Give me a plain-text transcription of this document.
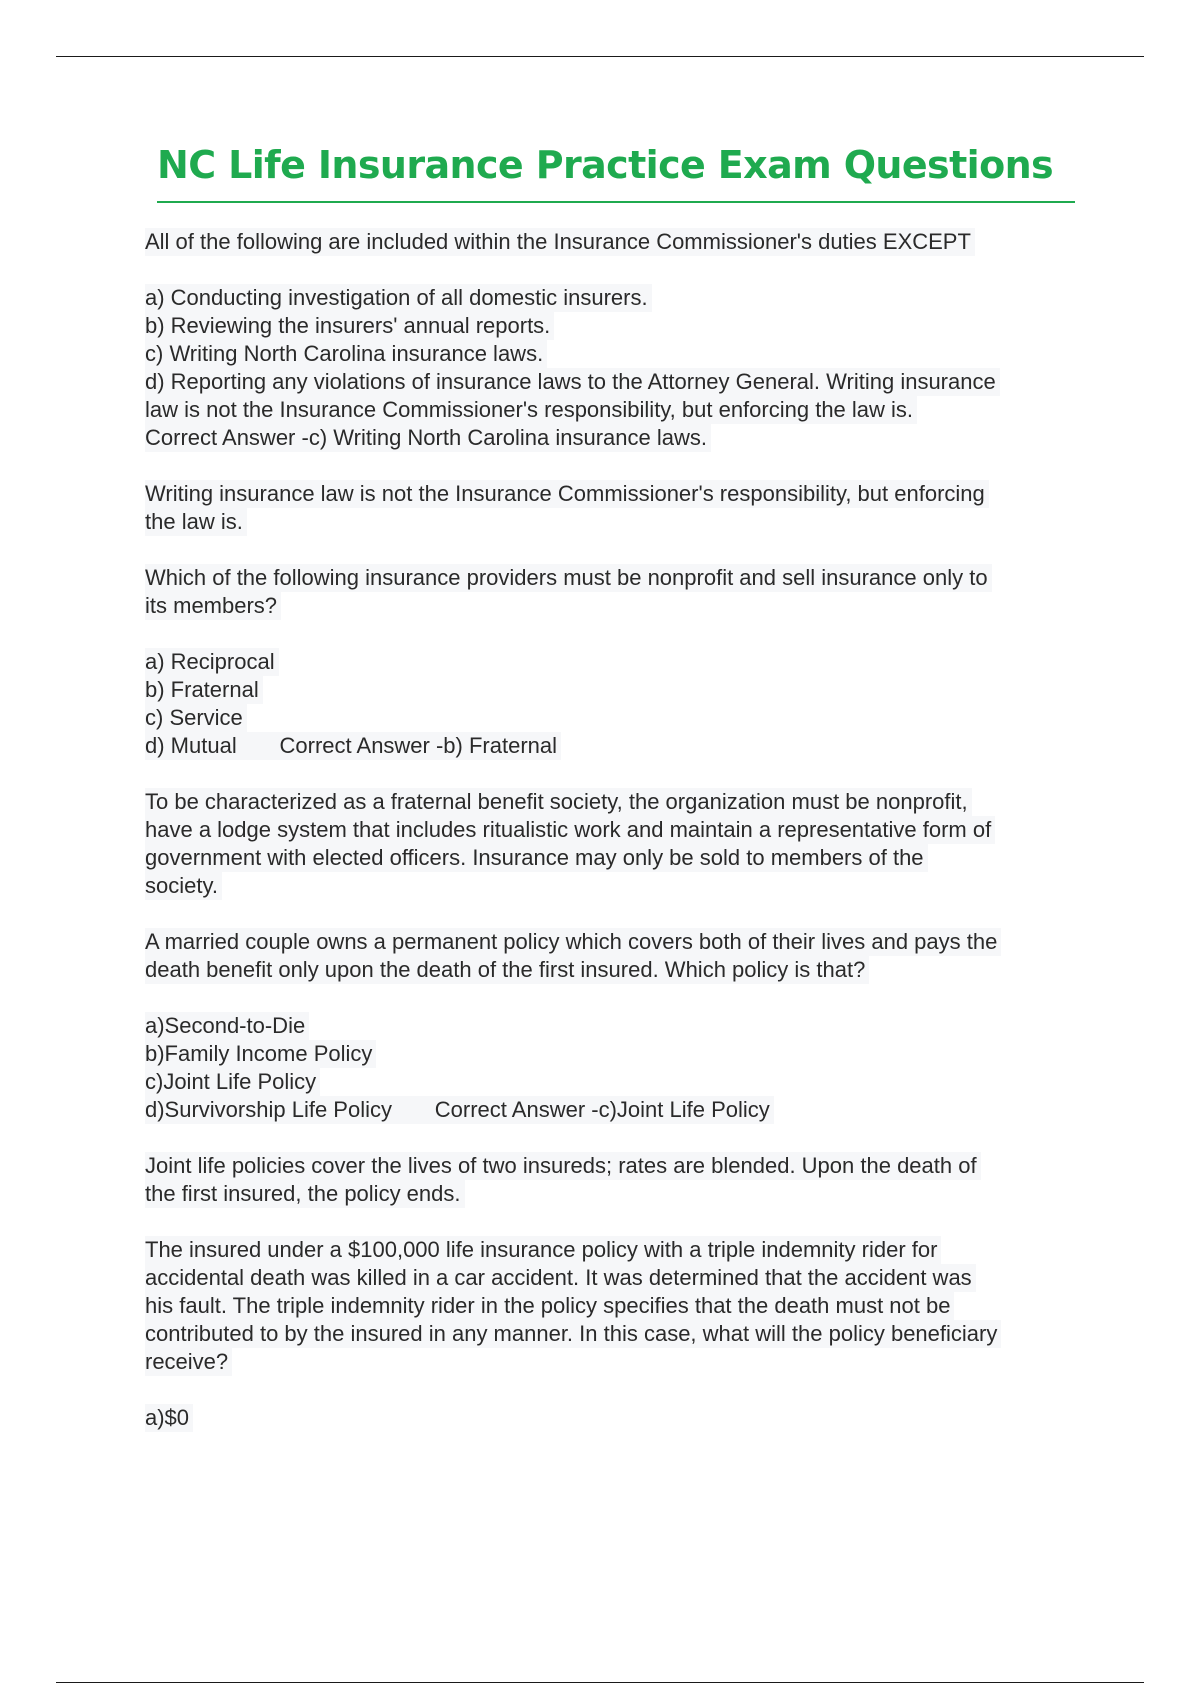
NC Life Insurance Practice Exam Questions
All of the following are included within the Insurance Commissioner's duties EXCEPT
a) Conducting investigation of all domestic insurers.
b) Reviewing the insurers' annual reports.
c) Writing North Carolina insurance laws.
d) Reporting any violations of insurance laws to the Attorney General. Writing insurance
law is not the Insurance Commissioner's responsibility, but enforcing the law is.
Correct Answer -c) Writing North Carolina insurance laws.
Writing insurance law is not the Insurance Commissioner's responsibility, but enforcing
the law is.
Which of the following insurance providers must be nonprofit and sell insurance only to
its members?
a) Reciprocal
b) Fraternal
c) Service
d) Mutual       Correct Answer -b) Fraternal
To be characterized as a fraternal benefit society, the organization must be nonprofit,
have a lodge system that includes ritualistic work and maintain a representative form of
government with elected officers. Insurance may only be sold to members of the
society.
A married couple owns a permanent policy which covers both of their lives and pays the
death benefit only upon the death of the first insured. Which policy is that?
a)Second-to-Die
b)Family Income Policy
c)Joint Life Policy
d)Survivorship Life Policy       Correct Answer -c)Joint Life Policy
Joint life policies cover the lives of two insureds; rates are blended. Upon the death of
the first insured, the policy ends.
The insured under a $100,000 life insurance policy with a triple indemnity rider for
accidental death was killed in a car accident. It was determined that the accident was
his fault. The triple indemnity rider in the policy specifies that the death must not be
contributed to by the insured in any manner. In this case, what will the policy beneficiary
receive?
a)$0
